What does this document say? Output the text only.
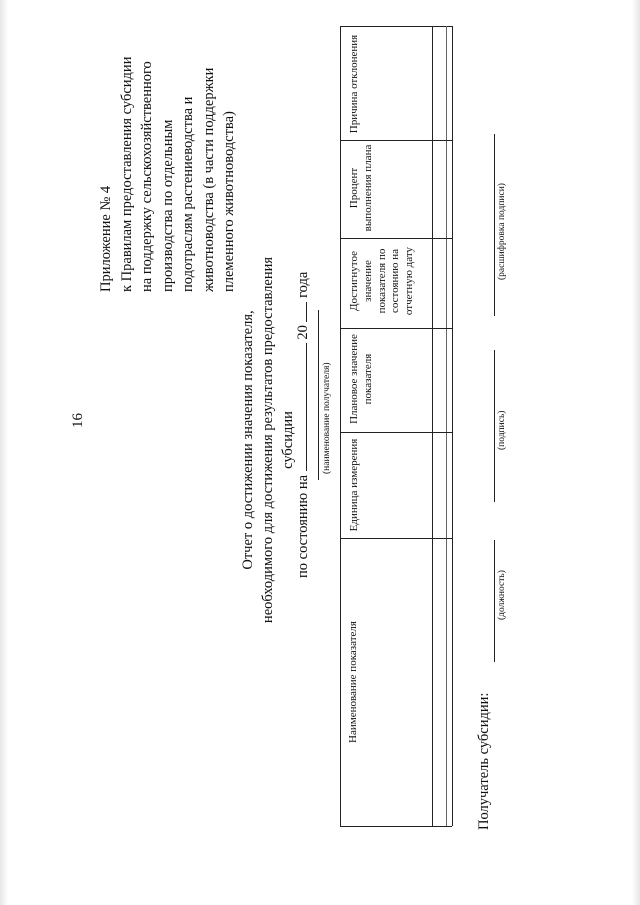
16
Приложение № 4 к Правилам предоставления субсидии на поддержку сельскохозяйственного производства по отдельным подотраслям растениеводства и животноводства (в части поддержки племенного животноводства)
Отчет о достижении значения показателя, необходимого для достижения результатов предоставления субсидии
по состоянию на  20  года
(наименование получателя)
Наименование показателя
Единица измерения
Плановое значение показателя
Достигнутое значение показателя по состоянию на отчетную дату
Процент выполнения плана
Причина отклонения
Получатель субсидии:
(должность)
(подпись)
(расшифровка подписи)
